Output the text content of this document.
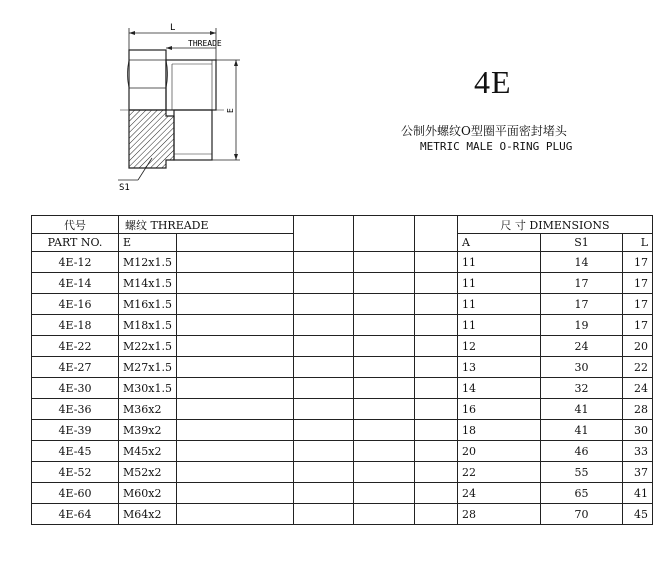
L
THREADE
E
S1
4E
公制外螺纹O型圈平面密封堵头
METRIC MALE O-RING PLUG
代号	螺纹 THREADE					尺 寸 DIMENSIONS		
PART NO.	E					A	S1	L
4E-12	M12x1.5					11	14	17
4E-14	M14x1.5					11	17	17
4E-16	M16x1.5					11	17	17
4E-18	M18x1.5					11	19	17
4E-22	M22x1.5					12	24	20
4E-27	M27x1.5					13	30	22
4E-30	M30x1.5					14	32	24
4E-36	M36x2					16	41	28
4E-39	M39x2					18	41	30
4E-45	M45x2					20	46	33
4E-52	M52x2					22	55	37
4E-60	M60x2					24	65	41
4E-64	M64x2					28	70	45
